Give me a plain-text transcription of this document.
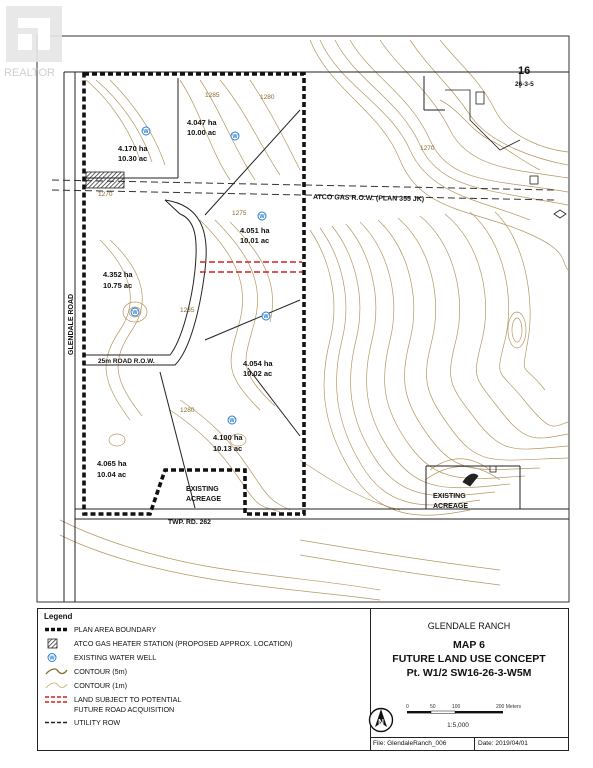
1285	1280
1270
1275
1285
1280
1270
W
W
W
W
W
W
16
26-3-5
4.047 ha
10.00 ac
4.170 ha
10.30 ac
4.051 ha
10.01 ac
4.352 ha
10.75 ac
4.054 ha
10.02 ac
4.100 ha
10.13 ac
4.065 ha
10.04 ac
ATCO GAS R.O.W. (PLAN 355 JK)
GLENDALE ROAD
25m ROAD R.O.W.
TWP. RD. 262
EXISTING
ACREAGE	EXISTING
ACREAGE
REALTOR
Legend
PLAN AREA BOUNDARY
ATCO GAS HEATER STATION (PROPOSED APPROX. LOCATION)
W	EXISTING WATER WELL
CONTOUR (5m)
CONTOUR (1m)
LAND SUBJECT TO POTENTIAL
FUTURE ROAD ACQUISITION
UTILITY ROW
GLENDALE RANCH
MAP 6
FUTURE LAND USE CONCEPT
Pt. W1/2 SW16-26-3-W5M
N
0	50	100	200 Meters
1:5,000
File: GlendaleRanch_006	Date: 2019/04/01
